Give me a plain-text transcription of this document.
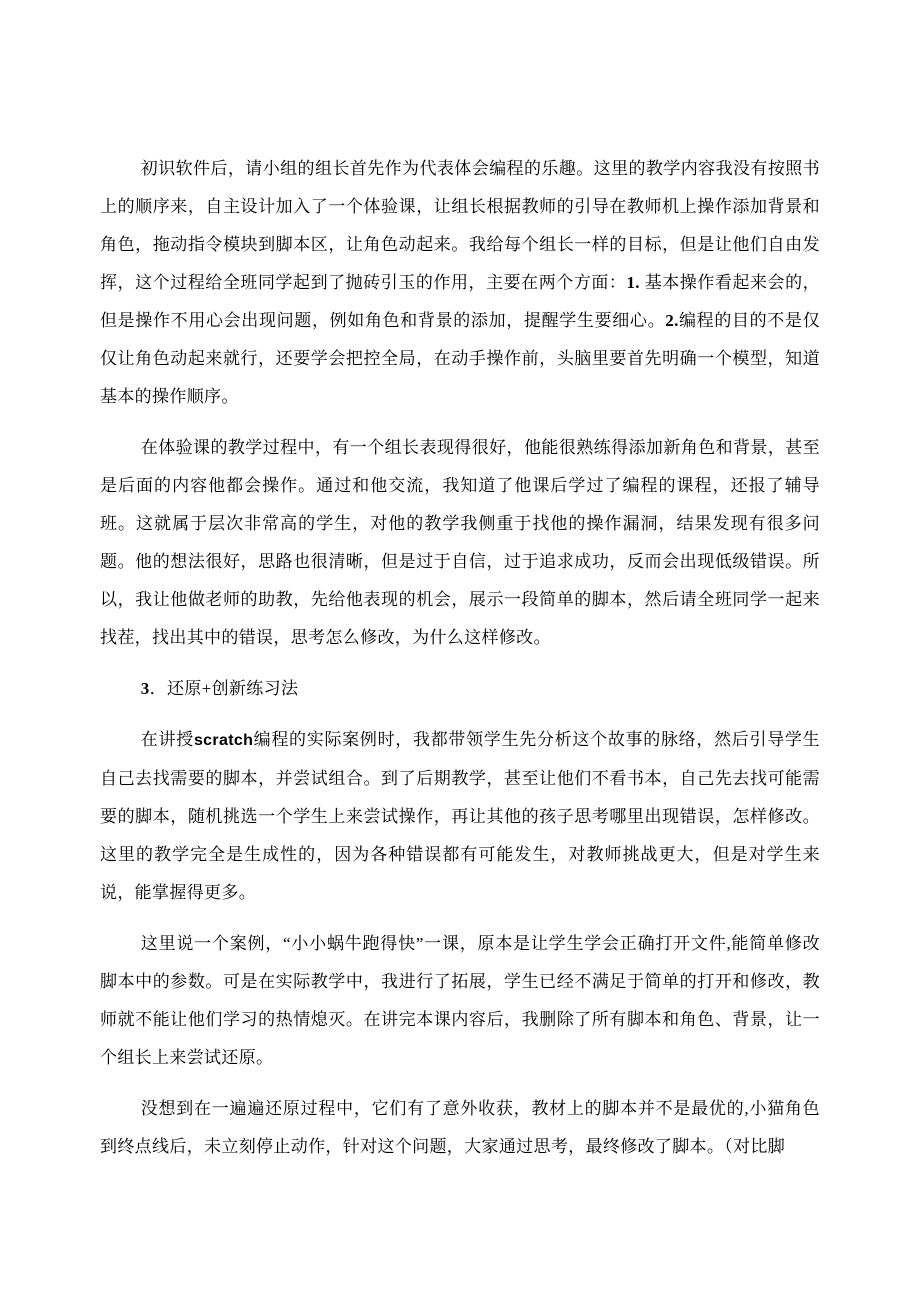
初识软件后，请小组的组长首先作为代表体会编程的乐趣。这里的教学内容我没有按照书上的顺序来，自主设计加入了一个体验课，让组长根据教师的引导在教师机上操作添加背景和角色，拖动指令模块到脚本区，让角色动起来。我给每个组长一样的目标，但是让他们自由发挥，这个过程给全班同学起到了抛砖引玉的作用，主要在两个方面：1. 基本操作看起来会的，但是操作不用心会出现问题，例如角色和背景的添加，提醒学生要细心。2.编程的目的不是仅仅让角色动起来就行，还要学会把控全局，在动手操作前，头脑里要首先明确一个模型，知道基本的操作顺序。

在体验课的教学过程中，有一个组长表现得很好，他能很熟练得添加新角色和背景，甚至是后面的内容他都会操作。通过和他交流，我知道了他课后学过了编程的课程，还报了辅导班。这就属于层次非常高的学生，对他的教学我侧重于找他的操作漏洞，结果发现有很多问题。他的想法很好，思路也很清晰，但是过于自信，过于追求成功，反而会出现低级错误。所以，我让他做老师的助教，先给他表现的机会，展示一段简单的脚本，然后请全班同学一起来找茬，找出其中的错误，思考怎么修改，为什么这样修改。

3．还原+创新练习法

在讲授scratch编程的实际案例时，我都带领学生先分析这个故事的脉络，然后引导学生自己去找需要的脚本，并尝试组合。到了后期教学，甚至让他们不看书本，自己先去找可能需要的脚本，随机挑选一个学生上来尝试操作，再让其他的孩子思考哪里出现错误，怎样修改。这里的教学完全是生成性的，因为各种错误都有可能发生，对教师挑战更大，但是对学生来说，能掌握得更多。

这里说一个案例，“小小蜗牛跑得快”一课，原本是让学生学会正确打开文件,能简单修改脚本中的参数。可是在实际教学中，我进行了拓展，学生已经不满足于简单的打开和修改，教师就不能让他们学习的热情熄灭。在讲完本课内容后，我删除了所有脚本和角色、背景，让一个组长上来尝试还原。

没想到在一遍遍还原过程中，它们有了意外收获，教材上的脚本并不是最优的,小猫角色到终点线后，未立刻停止动作，针对这个问题，大家通过思考，最终修改了脚本。（对比脚
